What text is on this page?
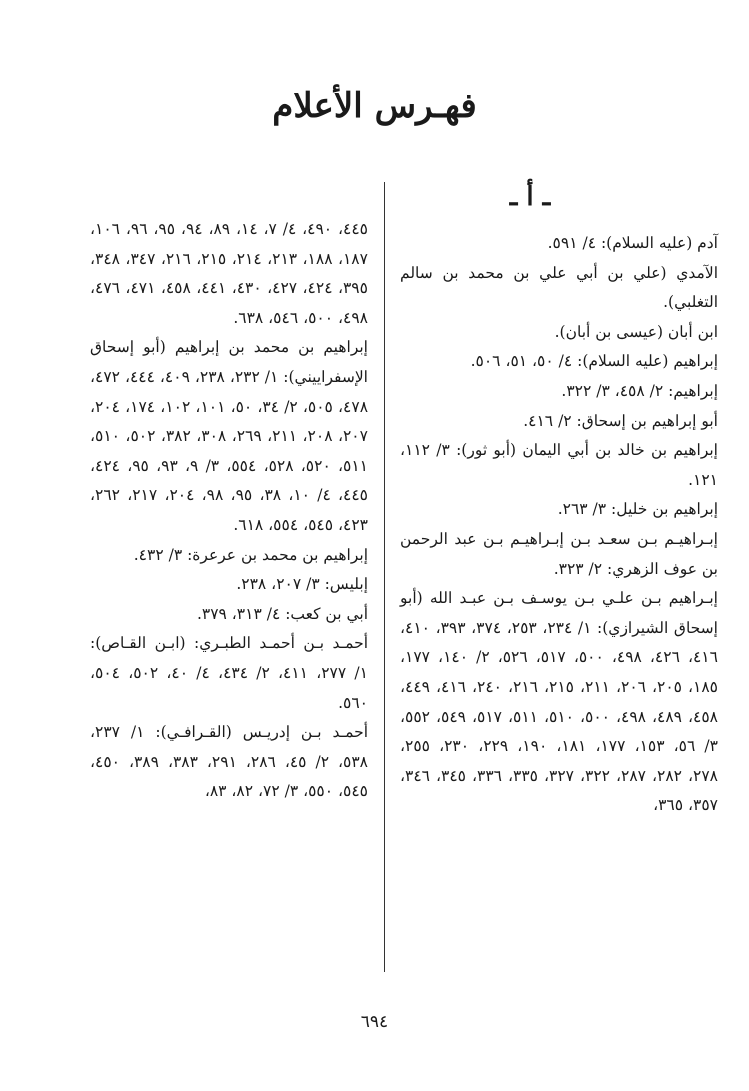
فهـرس الأعلام
ـ أ ـ

آدم (عليه السلام): ٤/ ٥٩١.

الآمدي (علي بن أبي علي بن محمد بن سالم التغلبي).

ابن أبان (عيسى بن أبان).

إبراهيم (عليه السلام): ٤/ ٥٠، ٥١، ٥٠٦.

إبراهيم: ٢/ ٤٥٨، ٣/ ٣٢٢.

أبو إبراهيم بن إسحاق: ٢/ ٤١٦.

إبراهيم بن خالد بن أبي اليمان (أبو ثور): ٣/ ١١٢، ١٢١.

إبراهيم بن خليل: ٣/ ٢٦٣.

إبـراهيـم بـن سعـد بـن إبـراهيـم بـن عبد الرحمن بن عوف الزهري: ٢/ ٣٢٣.

إبـراهيم بـن علـي بـن يوسـف بـن عبـد الله (أبو إسحاق الشيرازي): ١/ ٢٣٤، ٢٥٣، ٣٧٤، ٣٩٣، ٤١٠، ٤١٦، ٤٢٦، ٤٩٨، ٥٠٠، ٥١٧، ٥٢٦، ٢/ ١٤٠، ١٧٧، ١٨٥، ٢٠٥، ٢٠٦، ٢١١، ٢١٥، ٢١٦، ٢٤٠، ٤١٦، ٤٤٩، ٤٥٨، ٤٨٩، ٤٩٨، ٥٠٠، ٥١٠، ٥١١، ٥١٧، ٥٤٩، ٥٥٢، ٣/ ٥٦، ١٥٣، ١٧٧، ١٨١، ١٩٠، ٢٢٩، ٢٣٠، ٢٥٥، ٢٧٨، ٢٨٢، ٢٨٧، ٣٢٢، ٣٢٧، ٣٣٥، ٣٣٦، ٣٤٥، ٣٤٦، ٣٥٧، ٣٦٥،

٤٤٥، ٤٩٠، ٤/ ٧، ١٤، ٨٩، ٩٤، ٩٥، ٩٦، ١٠٦، ١٨٧، ١٨٨، ٢١٣، ٢١٤، ٢١٥، ٢١٦، ٣٤٧، ٣٤٨، ٣٩٥، ٤٢٤، ٤٢٧، ٤٣٠، ٤٤١، ٤٥٨، ٤٧١، ٤٧٦، ٤٩٨، ٥٠٠، ٥٤٦، ٦٣٨.

إبراهيم بن محمد بن إبراهيم (أبو إسحاق الإسفراييني): ١/ ٢٣٢، ٢٣٨، ٤٠٩، ٤٤٤، ٤٧٢، ٤٧٨، ٥٠٥، ٢/ ٣٤، ٥٠، ١٠١، ١٠٢، ١٧٤، ٢٠٤، ٢٠٧، ٢٠٨، ٢١١، ٢٦٩، ٣٠٨، ٣٨٢، ٥٠٢، ٥١٠، ٥١١، ٥٢٠، ٥٢٨، ٥٥٤، ٣/ ٩، ٩٣، ٩٥، ٤٢٤، ٤٤٥، ٤/ ١٠، ٣٨، ٩٥، ٩٨، ٢٠٤، ٢١٧، ٢٦٢، ٤٢٣، ٥٤٥، ٥٥٤، ٦١٨.

إبراهيم بن محمد بن عرعرة: ٣/ ٤٣٢.

إبليس: ٣/ ٢٠٧، ٢٣٨.

أبي بن كعب: ٤/ ٣١٣، ٣٧٩.

أحمـد بـن أحمـد الطبـري: (ابـن القـاص): ١/ ٢٧٧، ٤١١، ٢/ ٤٣٤، ٤/ ٤٠، ٥٠٢، ٥٠٤، ٥٦٠.

أحمـد بـن إدريـس (القـرافـي): ١/ ٢٣٧، ٥٣٨، ٢/ ٤٥، ٢٨٦، ٢٩١، ٣٨٣، ٣٨٩، ٤٥٠، ٥٤٥، ٥٥٠، ٣/ ٧٢، ٨٢، ٨٣،

٦٩٤
